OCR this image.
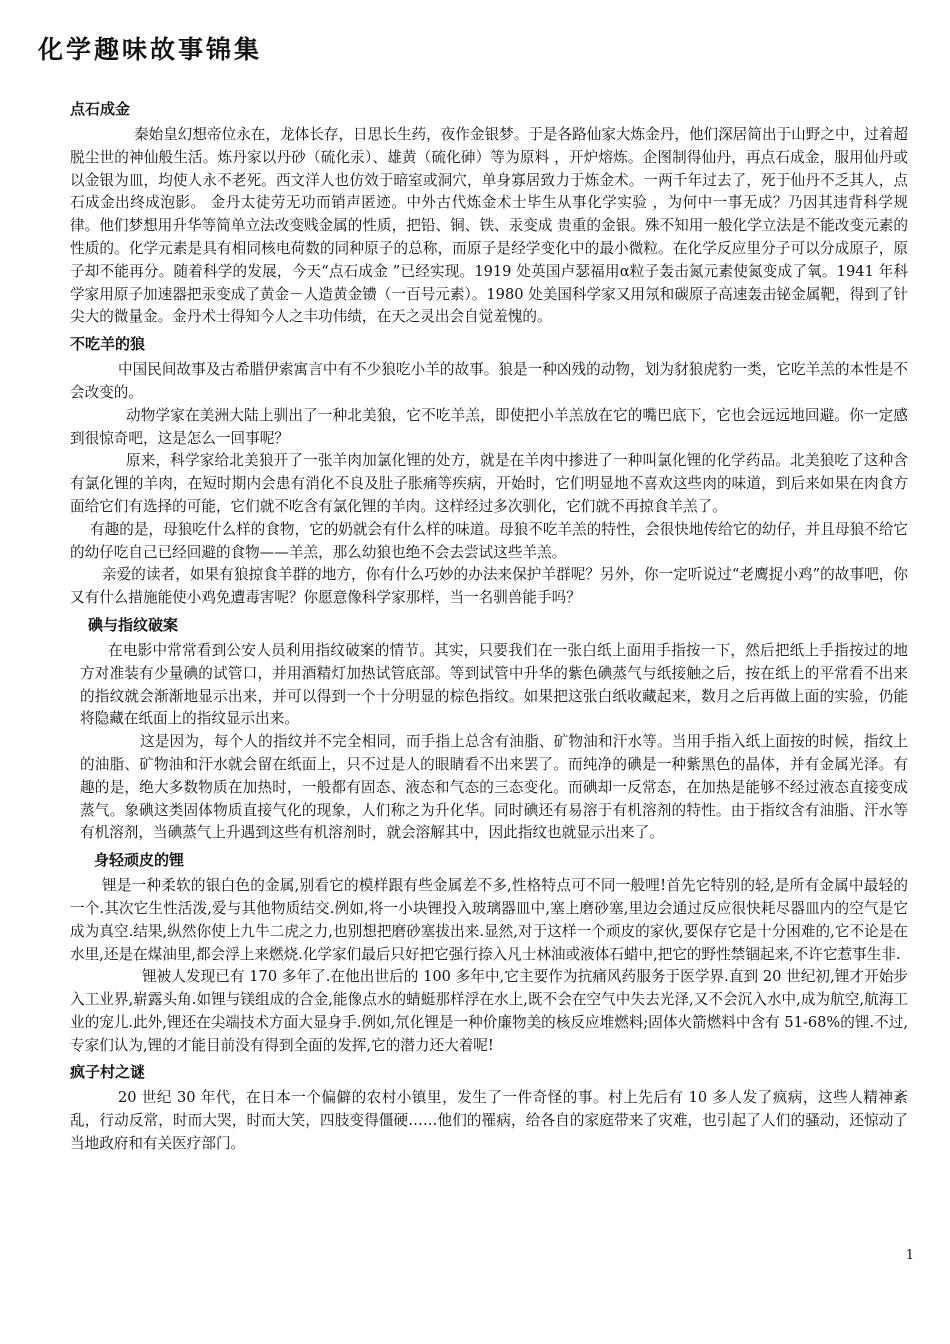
化学趣味故事锦集
点石成金

秦始皇幻想帝位永在，龙体长存，日思长生药，夜作金银梦。于是各路仙家大炼金丹，他们深居简出于山野之中，过着超脱尘世的神仙般生活。炼丹家以丹砂（硫化汞）、雄黄（硫化砷）等为原料 ，开炉熔炼。企图制得仙丹，再点石成金，服用仙丹或以金银为皿，均使人永不老死。西文洋人也仿效于暗室或洞穴，单身寡居致力于炼金术。一两千年过去了，死于仙丹不乏其人，点石成金出终成泡影。 金丹太徒劳无功而销声匿迹。中外古代炼金术士毕生从事化学实验 ，为何中一事无成？乃因其违背科学规律。他们梦想用升华等简单立法改变贱金属的性质，把铅、铜、铁、汞变成 贵重的金银。殊不知用一般化学立法是不能改变元素的性质的。化学元素是具有相同核电荷数的同种原子的总称，而原子是经学变化中的最小微粒。在化学反应里分子可以分成原子，原子却不能再分。随着科学的发展，今天“点石成金 ”已经实现。1919 处英国卢瑟福用α粒子轰击氮元素使氮变成了氧。1941 年科学家用原子加速器把汞变成了黄金－人造黄金镄（一百号元素）。1980 处美国科学家又用氖和碳原子高速轰击铋金属靶，得到了针尖大的微量金。金丹术士得知今人之丰功伟绩，在天之灵出会自觉羞愧的。

不吃羊的狼

中国民间故事及古希腊伊索寓言中有不少狼吃小羊的故事。狼是一种凶残的动物，划为豺狼虎豹一类，它吃羊羔的本性是不会改变的。

动物学家在美洲大陆上驯出了一种北美狼，它不吃羊羔，即使把小羊羔放在它的嘴巴底下，它也会远远地回避。你一定感到很惊奇吧，这是怎么一回事呢？

原来，科学家给北美狼开了一张羊肉加氯化锂的处方，就是在羊肉中掺进了一种叫氯化锂的化学药品。北美狼吃了这种含有氯化锂的羊肉，在短时期内会患有消化不良及肚子胀痛等疾病，开始时，它们明显地不喜欢这些肉的味道，到后来如果在肉食方面给它们有选择的可能，它们就不吃含有氯化锂的羊肉。这样经过多次驯化，它们就不再掠食羊羔了。

有趣的是，母狼吃什么样的食物，它的奶就会有什么样的味道。母狼不吃羊羔的特性，会很快地传给它的幼仔，并且母狼不给它的幼仔吃自己已经回避的食物——羊羔，那么幼狼也绝不会去尝试这些羊羔。

亲爱的读者，如果有狼掠食羊群的地方，你有什么巧妙的办法来保护羊群呢？另外，你一定听说过“老鹰捉小鸡”的故事吧，你又有什么措施能使小鸡免遭毒害呢？你愿意像科学家那样，当一名驯兽能手吗？

碘与指纹破案

在电影中常常看到公安人员利用指纹破案的情节。其实，只要我们在一张白纸上面用手指按一下，然后把纸上手指按过的地方对准装有少量碘的试管口，并用酒精灯加热试管底部。等到试管中升华的紫色碘蒸气与纸接触之后，按在纸上的平常看不出来的指纹就会渐渐地显示出来，并可以得到一个十分明显的棕色指纹。如果把这张白纸收藏起来，数月之后再做上面的实验，仍能将隐藏在纸面上的指纹显示出来。

这是因为，每个人的指纹并不完全相同，而手指上总含有油脂、矿物油和汗水等。当用手指入纸上面按的时候，指纹上的油脂、矿物油和汗水就会留在纸面上，只不过是人的眼睛看不出来罢了。而纯净的碘是一种紫黑色的晶体，并有金属光泽。有趣的是，绝大多数物质在加热时，一般都有固态、液态和气态的三态变化。而碘却一反常态，在加热是能够不经过液态直接变成蒸气。象碘这类固体物质直接气化的现象，人们称之为升化华。同时碘还有易溶于有机溶剂的特性。由于指纹含有油脂、汗水等有机溶剂，当碘蒸气上升遇到这些有机溶剂时，就会溶解其中，因此指纹也就显示出来了。

身轻顽皮的锂

锂是一种柔软的银白色的金属,别看它的模样跟有些金属差不多,性格特点可不同一般哩!首先它特别的轻,是所有金属中最轻的一个.其次它生性活泼,爱与其他物质结交.例如,将一小块锂投入玻璃器皿中,塞上磨砂塞,里边会通过反应很快耗尽器皿内的空气是它成为真空.结果,纵然你使上九牛二虎之力,也别想把磨砂塞拔出来.显然,对于这样一个顽皮的家伙,要保存它是十分困难的,它不论是在水里,还是在煤油里,都会浮上来燃烧.化学家们最后只好把它强行捺入凡士林油或液体石蜡中,把它的野性禁锢起来,不许它惹事生非.

锂被人发现已有 170 多年了.在他出世后的 100 多年中,它主要作为抗痛风药服务于医学界.直到 20 世纪初,锂才开始步入工业界,崭露头角.如锂与镁组成的合金,能像点水的蜻蜓那样浮在水上,既不会在空气中失去光泽,又不会沉入水中,成为航空,航海工业的宠儿.此外,锂还在尖端技术方面大显身手.例如,氘化锂是一种价廉物美的核反应堆燃料;固体火箭燃料中含有 51-68%的锂.不过,专家们认为,锂的才能目前没有得到全面的发挥,它的潜力还大着呢!

疯子村之谜

20 世纪 30 年代，在日本一个偏僻的农村小镇里，发生了一件奇怪的事。村上先后有 10 多人发了疯病，这些人精神紊乱，行动反常，时而大哭，时而大笑，四肢变得僵硬……他们的罹病，给各自的家庭带来了灾难，也引起了人们的骚动，还惊动了当地政府和有关医疗部门。

1
